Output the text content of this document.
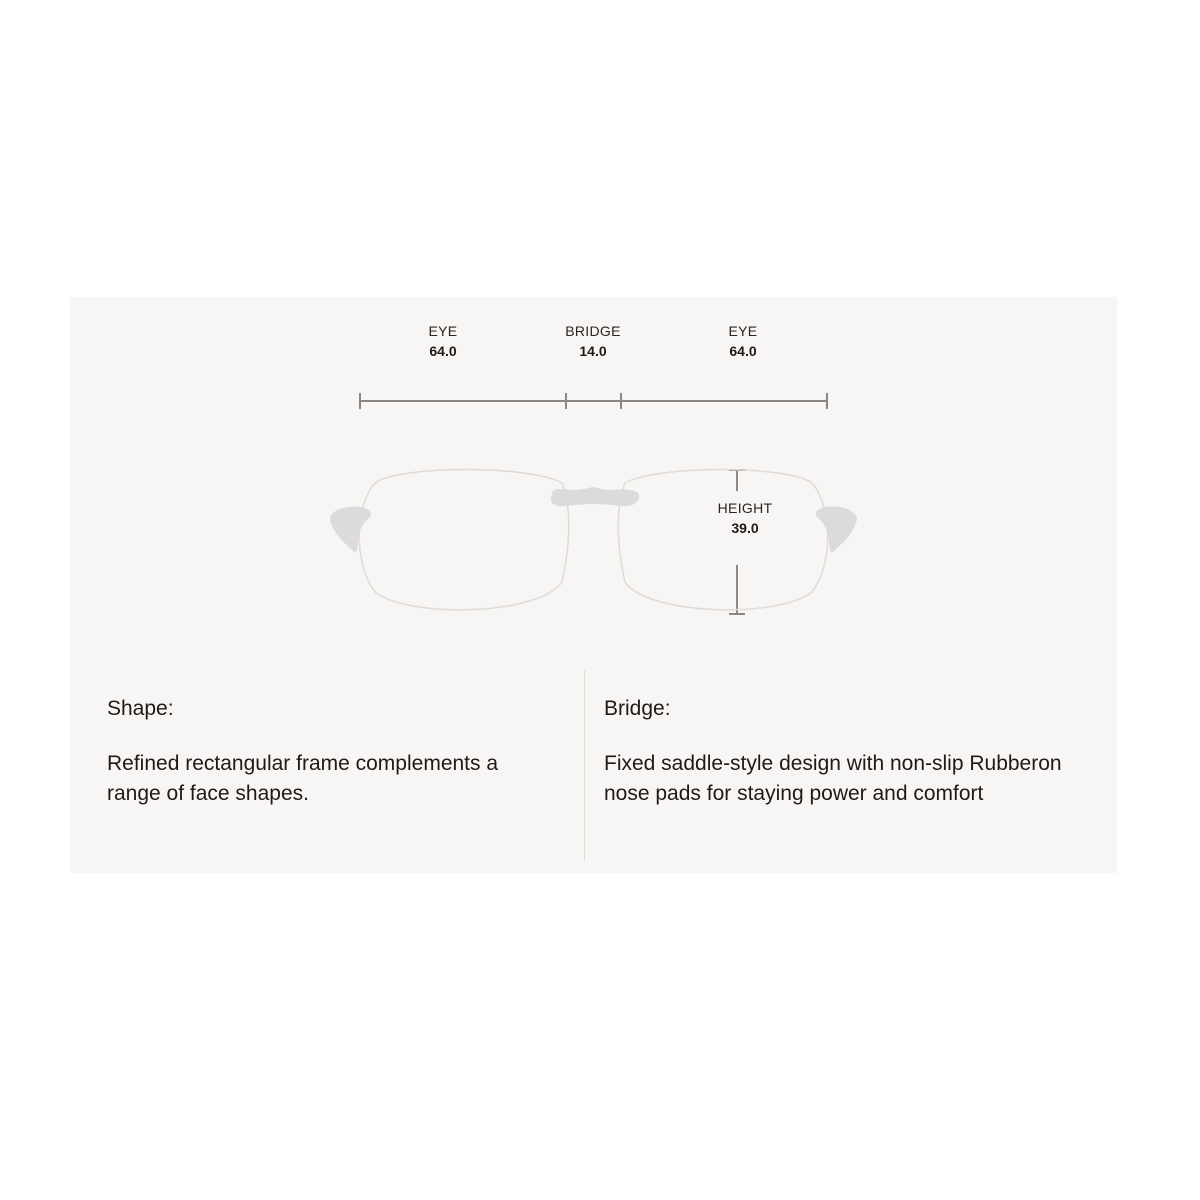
EYE
64.0
BRIDGE
14.0
EYE
64.0
HEIGHT
39.0
Shape:
Refined rectangular frame complements a range of face shapes.
Bridge:
Fixed saddle-style design with non-slip Rubberon nose pads for staying power and comfort
